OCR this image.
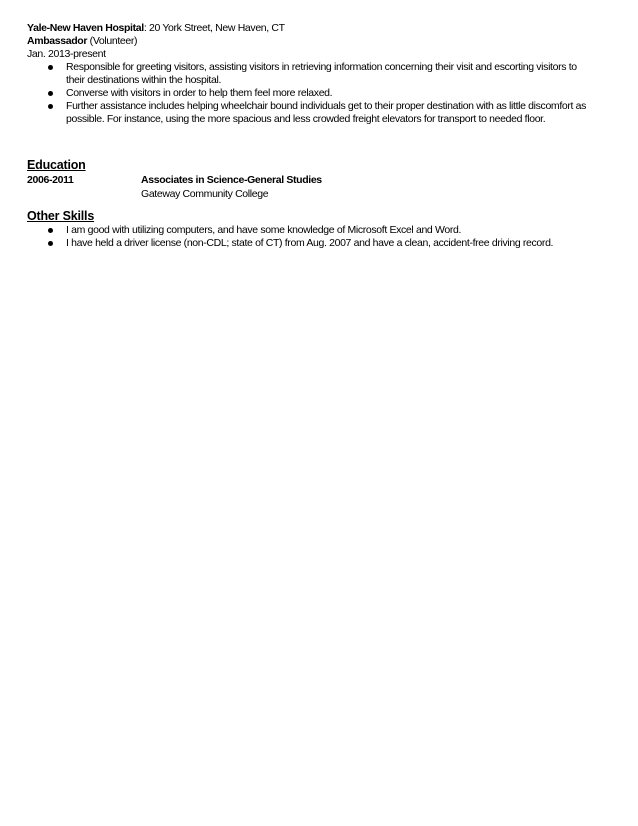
Yale-New Haven Hospital: 20 York Street, New Haven, CT
Ambassador (Volunteer)
Jan. 2013-present
Responsible for greeting visitors, assisting visitors in retrieving information concerning their visit and escorting visitors to their destinations within the hospital.
Converse with visitors in order to help them feel more relaxed.
Further assistance includes helping wheelchair bound individuals get to their proper destination with as little discomfort as possible. For instance, using the more spacious and less crowded freight elevators for transport to needed floor.
Education
2006-2011	Associates in Science-General Studies
Gateway Community College
Other Skills
I am good with utilizing computers, and have some knowledge of Microsoft Excel and Word.
I have held a driver license (non-CDL; state of CT) from Aug. 2007 and have a clean, accident-free driving record.
